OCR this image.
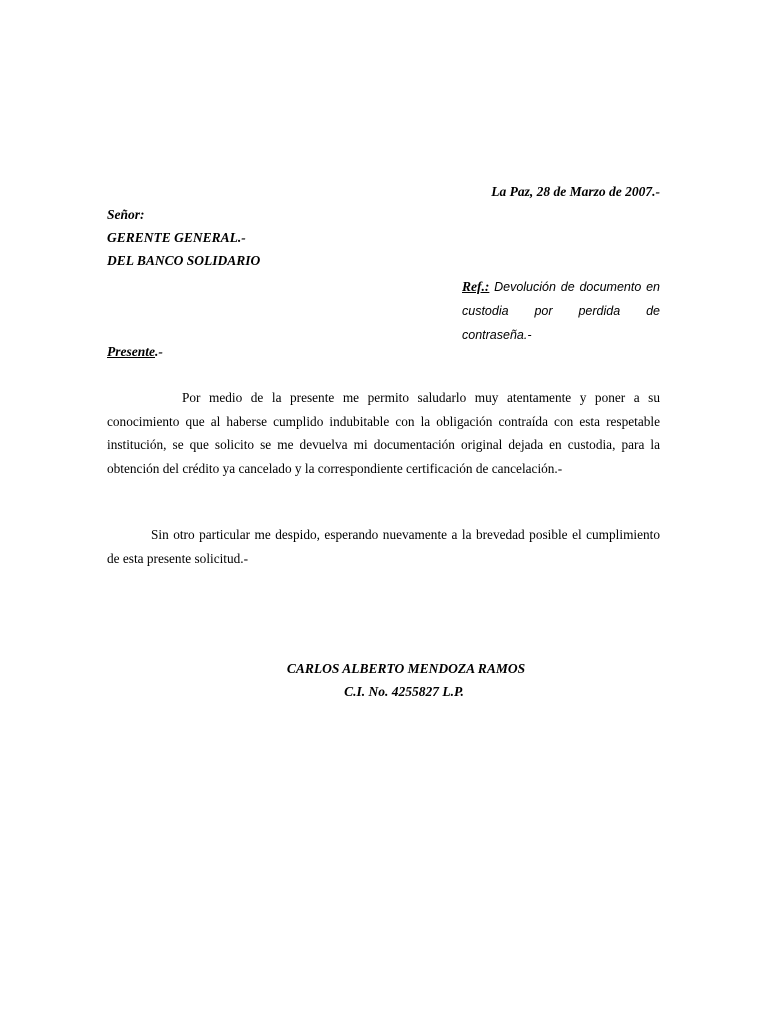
La Paz, 28 de Marzo de 2007.-
Señor:
GERENTE GENERAL.-
DEL BANCO SOLIDARIO
Ref.: Devolución de documento en custodia por perdida de contraseña.-
Presente.-

Por medio de la presente me permito saludarlo muy atentamente y poner a su conocimiento que al haberse cumplido indubitable con la obligación contraída con esta respetable institución, se que solicito se me devuelva mi documentación original dejada en custodia, para la obtención del crédito ya cancelado y la correspondiente certificación de cancelación.-

Sin otro particular me despido, esperando nuevamente a la brevedad posible el cumplimiento de esta presente solicitud.-

CARLOS ALBERTO MENDOZA RAMOS
C.I. No. 4255827 L.P.
